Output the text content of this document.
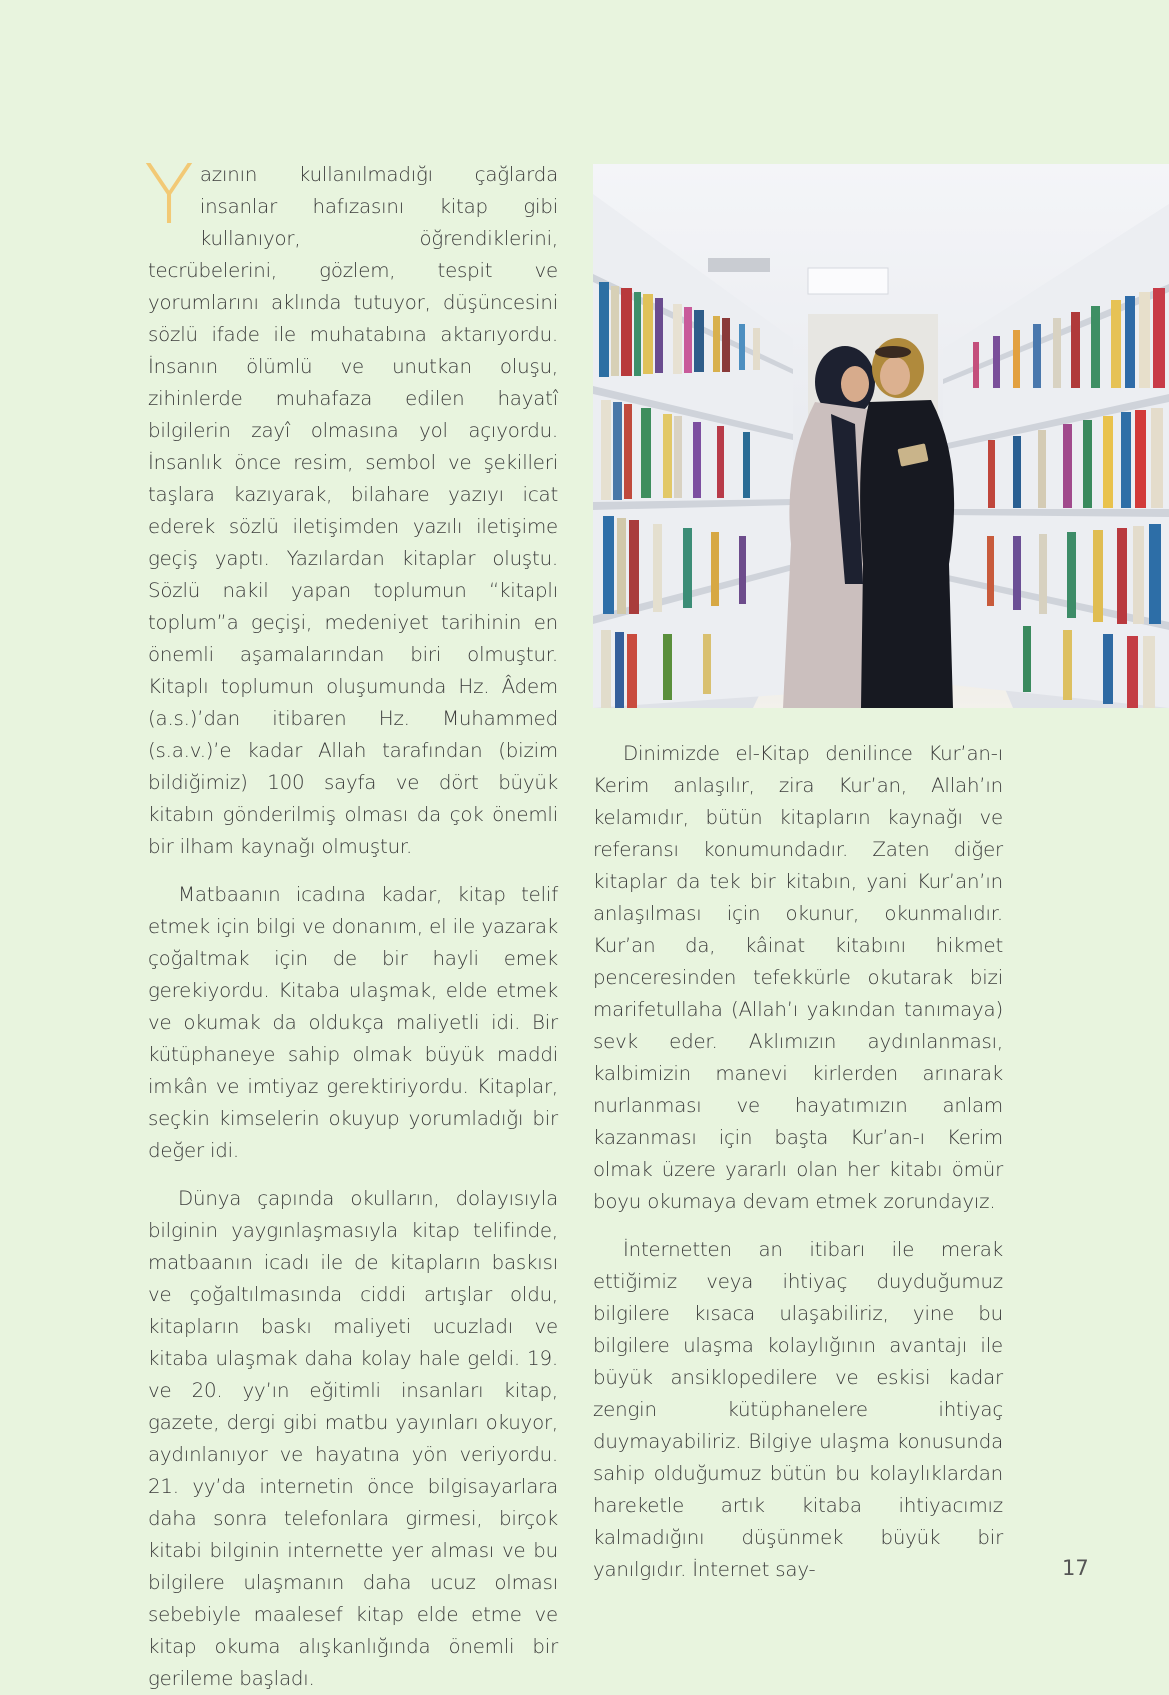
Yazının kullanılmadığı çağlarda insanlar hafızasını kitap gibi kullanıyor, öğrendiklerini, tecrübelerini, gözlem, tespit ve yorumlarını aklında tutuyor, düşüncesini sözlü ifade ile muhatabına aktarıyordu. İnsanın ölümlü ve unutkan oluşu, zihinlerde muhafaza edilen hayatî bilgilerin zayî olmasına yol açıyordu. İnsanlık önce resim, sembol ve şekilleri taşlara kazıyarak, bilahare yazıyı icat ederek sözlü iletişimden yazılı iletişime geçiş yaptı. Yazılardan kitaplar oluştu. Sözlü nakil yapan toplumun “kitaplı toplum”a geçişi, medeniyet tarihinin en önemli aşamalarından biri olmuştur. Kitaplı toplumun oluşumunda Hz. Âdem (a.s.)’dan itibaren Hz. Muhammed (s.a.v.)’e kadar Allah tarafından (bizim bildiğimiz) 100 sayfa ve dört büyük kitabın gönderilmiş olması da çok önemli bir ilham kaynağı olmuştur.

Matbaanın icadına kadar, kitap telif etmek için bilgi ve donanım, el ile yazarak çoğaltmak için de bir hayli emek gerekiyordu. Kitaba ulaşmak, elde etmek ve okumak da oldukça maliyetli idi. Bir kütüphaneye sahip olmak büyük maddi imkân ve imtiyaz gerektiriyordu. Kitaplar, seçkin kimselerin okuyup yorumladığı bir değer idi.

Dünya çapında okulların, dolayısıyla bilginin yaygınlaşmasıyla kitap telifinde, matbaanın icadı ile de kitapların baskısı ve çoğaltılmasında ciddi artışlar oldu, kitapların baskı maliyeti ucuzladı ve kitaba ulaşmak daha kolay hale geldi. 19. ve 20. yy’ın eğitimli insanları kitap, gazete, dergi gibi matbu yayınları okuyor, aydınlanıyor ve hayatına yön veriyordu. 21. yy’da internetin önce bilgisayarlara daha sonra telefonlara girmesi, birçok kitabi bilginin internette yer alması ve bu bilgilere ulaşmanın daha ucuz olması sebebiyle maalesef kitap elde etme ve kitap okuma alışkanlığında önemli bir gerileme başladı.

Dinimizde el-Kitap denilince Kur’an-ı Kerim anlaşılır, zira Kur’an, Allah’ın kelamıdır, bütün kitapların kaynağı ve referansı konumundadır. Zaten diğer kitaplar da tek bir kitabın, yani Kur’an’ın anlaşılması için okunur, okunmalıdır. Kur’an da, kâinat kitabını hikmet penceresinden tefekkürle okutarak bizi marifetullaha (Allah’ı yakından tanımaya) sevk eder. Aklımızın aydınlanması, kalbimizin manevi kirlerden arınarak nurlanması ve hayatımızın anlam kazanması için başta Kur’an-ı Kerim olmak üzere yararlı olan her kitabı ömür boyu okumaya devam etmek zorundayız.

İnternetten an itibarı ile merak ettiğimiz veya ihtiyaç duyduğumuz bilgilere kısaca ulaşabiliriz, yine bu bilgilere ulaşma kolaylığının avantajı ile büyük ansiklopedilere ve eskisi kadar zengin kütüphanelere ihtiyaç duymayabiliriz. Bilgiye ulaşma konusunda sahip olduğumuz bütün bu kolaylıklardan hareketle artık kitaba ihtiyacımız kalmadığını düşünmek büyük bir yanılgıdır. İnternet say-	17
